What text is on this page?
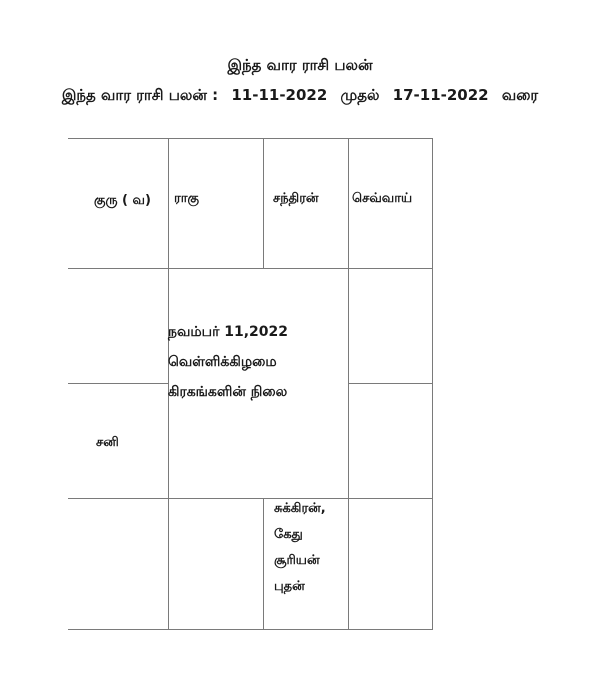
இந்த வார ராசி பலன்
இந்த வார ராசி பலன் : 11-11-2022 முதல் 17-11-2022 வரை
குரு ( வ) ராகு	சந்திரன்	செவ்வாய்
நவம்பர் 11,2022
வெள்ளிக்கிழமை
கிரகங்களின் நிலை
சனி
சுக்கிரன்,
கேது
சூரியன்
புதன்
